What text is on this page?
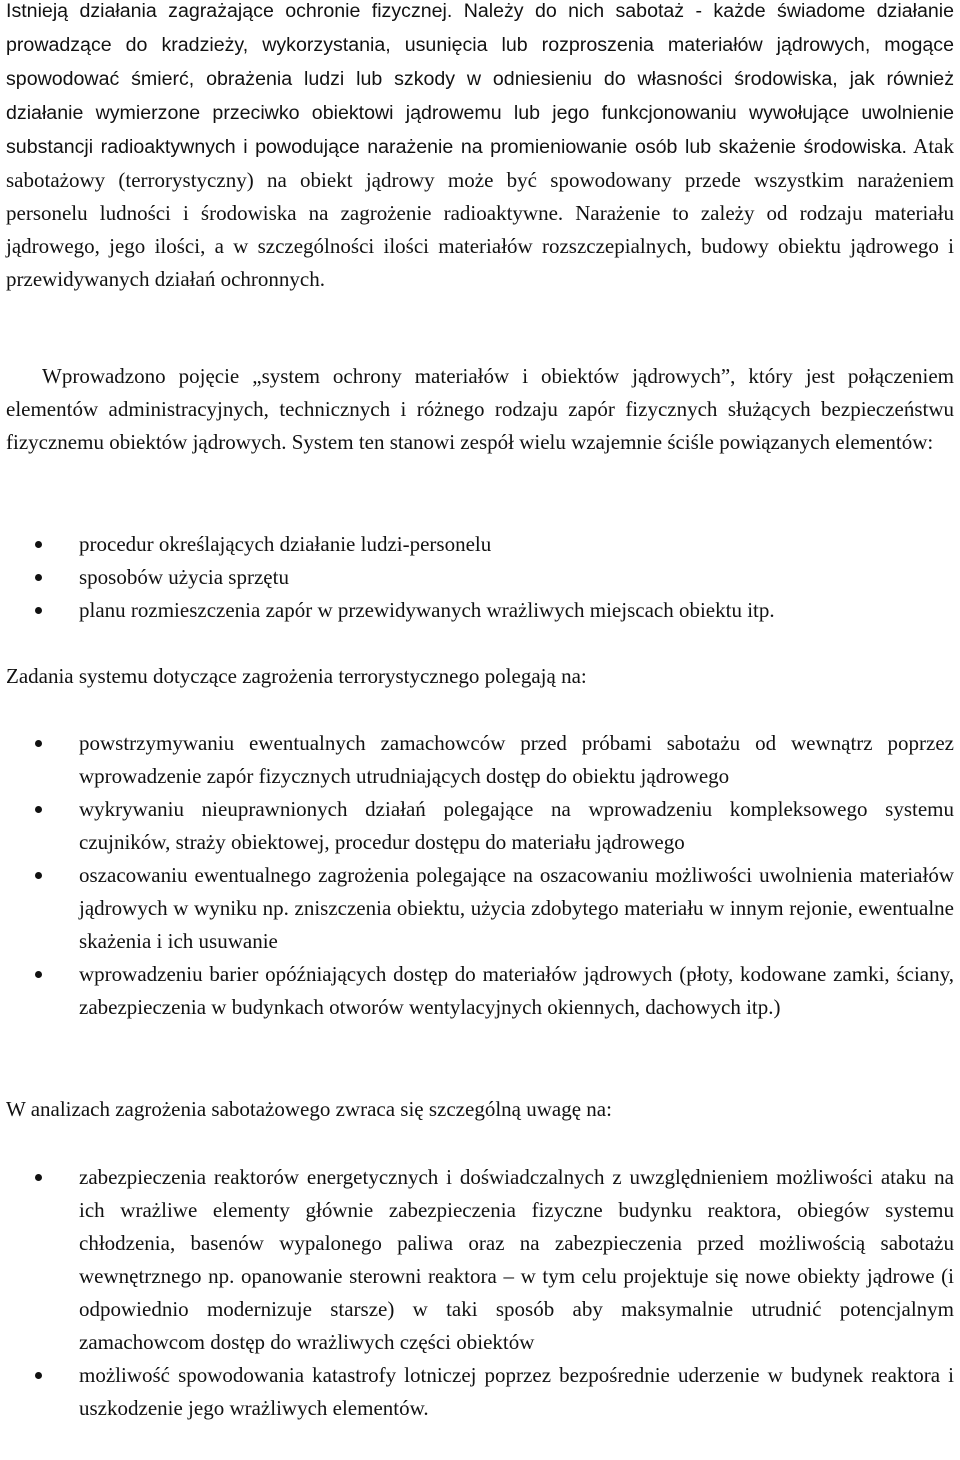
Istnieją działania zagrażające ochronie fizycznej. Należy do nich sabotaż - każde świadome działanie prowadzące do kradzieży, wykorzystania, usunięcia lub rozproszenia materiałów jądrowych, mogące spowodować śmierć, obrażenia ludzi lub szkody w odniesieniu do własności środowiska, jak również działanie wymierzone przeciwko obiektowi jądrowemu lub jego funkcjonowaniu wywołujące uwolnienie substancji radioaktywnych i powodujące narażenie na promieniowanie osób lub skażenie środowiska. Atak sabotażowy (terrorystyczny) na obiekt jądrowy może być spowodowany przede wszystkim narażeniem personelu ludności i środowiska na zagrożenie radioaktywne. Narażenie to zależy od rodzaju materiału jądrowego, jego ilości, a w szczególności ilości materiałów rozszczepialnych, budowy obiektu jądrowego i przewidywanych działań ochronnych.

Wprowadzono pojęcie „system ochrony materiałów i obiektów jądrowych”, który jest połączeniem elementów administracyjnych, technicznych i różnego rodzaju zapór fizycznych służących bezpieczeństwu fizycznemu obiektów jądrowych. System ten stanowi zespół wielu wzajemnie ściśle powiązanych elementów:

procedur określających działanie ludzi-personelu
sposobów użycia sprzętu
planu rozmieszczenia zapór w przewidywanych wrażliwych miejscach obiektu itp.

Zadania systemu dotyczące zagrożenia terrorystycznego polegają na:

powstrzymywaniu ewentualnych zamachowców przed próbami sabotażu od wewnątrz poprzez wprowadzenie zapór fizycznych utrudniających dostęp do obiektu jądrowego
wykrywaniu nieuprawnionych działań polegające na wprowadzeniu kompleksowego systemu czujników, straży obiektowej, procedur dostępu do materiału jądrowego
oszacowaniu ewentualnego zagrożenia polegające na oszacowaniu możliwości uwolnienia materiałów jądrowych w wyniku np. zniszczenia obiektu, użycia zdobytego materiału w innym rejonie, ewentualne skażenia i ich usuwanie
wprowadzeniu barier opóźniających dostęp do materiałów jądrowych (płoty, kodowane zamki, ściany, zabezpieczenia w budynkach otworów wentylacyjnych okiennych, dachowych itp.)

W analizach zagrożenia sabotażowego zwraca się szczególną uwagę na:

zabezpieczenia reaktorów energetycznych i doświadczalnych z uwzględnieniem możliwości ataku na ich wrażliwe elementy głównie zabezpieczenia fizyczne budynku reaktora, obiegów systemu chłodzenia, basenów wypalonego paliwa oraz na zabezpieczenia przed możliwością sabotażu wewnętrznego np. opanowanie sterowni reaktora – w tym celu projektuje się nowe obiekty jądrowe (i odpowiednio modernizuje starsze) w taki sposób aby maksymalnie utrudnić potencjalnym zamachowcom dostęp do wrażliwych części obiektów
możliwość spowodowania katastrofy lotniczej poprzez bezpośrednie uderzenie w budynek reaktora i uszkodzenie jego wrażliwych elementów.
